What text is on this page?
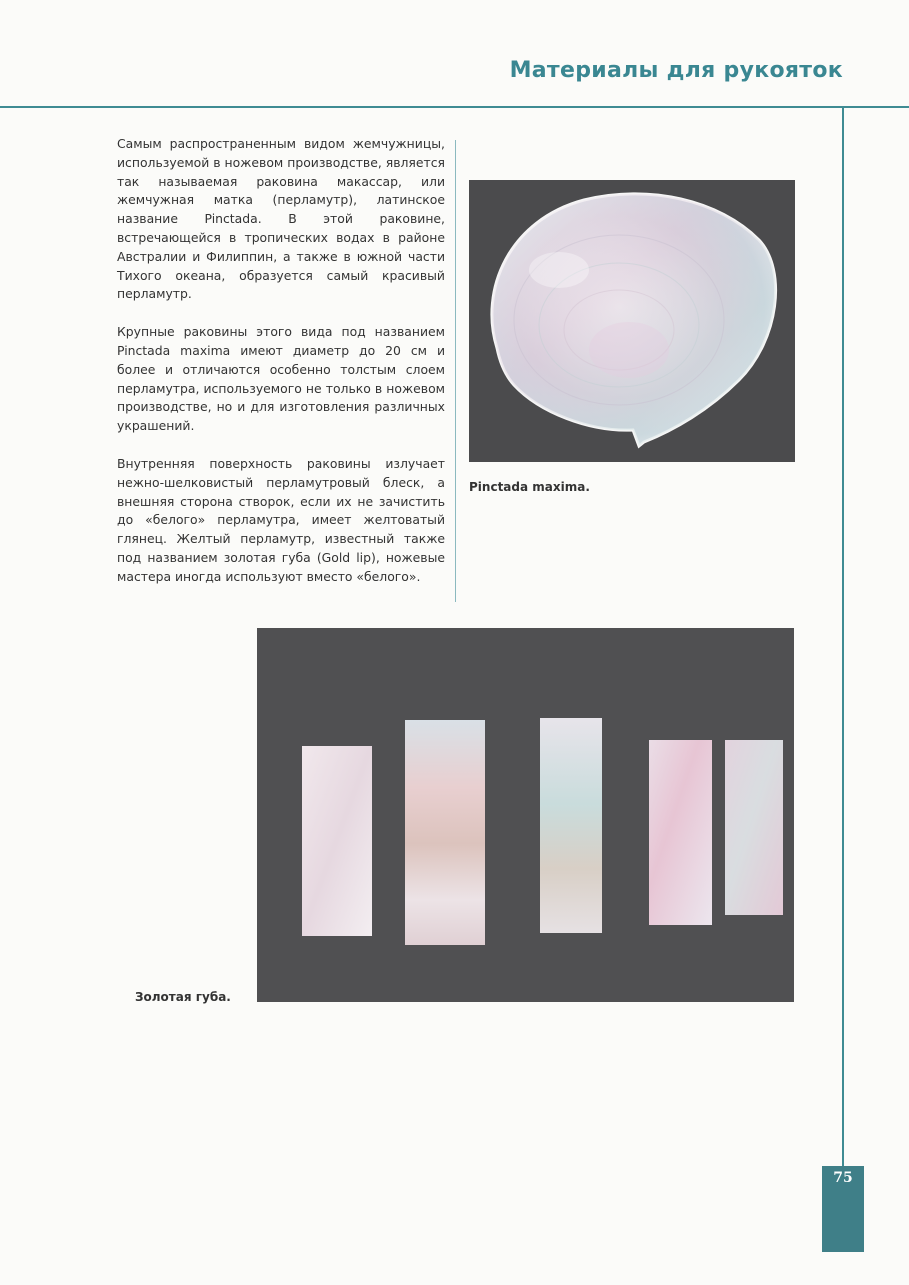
Материалы для рукояток

Самым распространенным видом жемчужницы, используемой в ножевом производстве, является так называемая раковина макассар, или жемчужная матка (перламутр), латинское название Pinctada. В этой раковине, встречающейся в тропических водах в районе Австралии и Филиппин, а также в южной части Тихого океана, образуется самый красивый перламутр.

Крупные раковины этого вида под названием Pinctada maxima имеют диаметр до 20 см и более и отличаются особенно толстым слоем перламутра, используемого не только в ножевом производстве, но и для изготовления различных украшений.

Внутренняя поверхность раковины излучает нежно-шелковистый перламутровый блеск, а внешняя сторона створок, если их не зачистить до «белого» перламутра, имеет желтоватый глянец. Желтый перламутр, известный также под названием золотая губа (Gold lip), ножевые мастера иногда используют вместо «белого».

Pinctada maxima.
Золотая губа.
75
